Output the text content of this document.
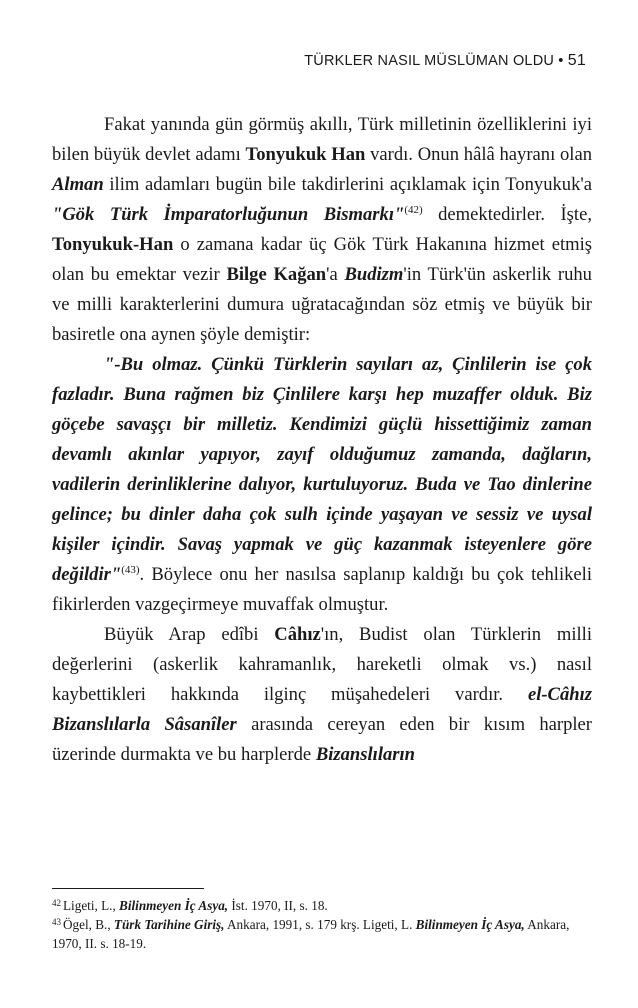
TÜRKLER NASIL MÜSLÜMAN OLDU • 51

Fakat yanında gün görmüş akıllı, Türk milletinin özelliklerini iyi bilen büyük devlet adamı Tonyukuk Han vardı. Onun hâlâ hayranı olan Alman ilim adamları bugün bile takdirlerini açıklamak için Tonyukuk'a "Gök Türk İmparatorluğunun Bismarkı"$^{(42)}$ demektedirler. İşte, Tonyukuk-Han o zamana kadar üç Gök Türk Hakanına hizmet etmiş olan bu emektar vezir Bilge Kağan'a Budizm'in Türk'ün askerlik ruhu ve milli karakterlerini dumura uğratacağından söz etmiş ve büyük bir basiretle ona aynen şöyle demiştir:

"-Bu olmaz. Çünkü Türklerin sayıları az, Çinlilerin ise çok fazladır. Buna rağmen biz Çinlilere karşı hep muzaffer olduk. Biz göçebe savaşçı bir milletiz. Kendimizi güçlü hissettiğimiz zaman devamlı akınlar yapıyor, zayıf olduğumuz zamanda, dağların, vadilerin derinliklerine dalıyor, kurtuluyoruz. Buda ve Tao dinlerine gelince; bu dinler daha çok sulh içinde yaşayan ve sessiz ve uysal kişiler içindir. Savaş yapmak ve güç kazanmak isteyenlere göre değildir"$^{(43)}$. Böylece onu her nasılsa saplanıp kaldığı bu çok tehlikeli fikirlerden vazgeçirmeye muvaffak olmuştur.

Büyük Arap edîbi Câhız'ın, Budist olan Türklerin milli değerlerini (askerlik kahramanlık, hareketli olmak vs.) nasıl kaybettikleri hakkında ilginç müşahedeleri vardır. el-Câhız Bizanslılarla Sâsanîler arasında cereyan eden bir kısım harpler üzerinde durmakta ve bu harplerde Bizanslıların

$^{42}$ Ligeti, L., Bilinmeyen İç Asya, İst. 1970, II, s. 18.

$^{43}$ Ögel, B., Türk Tarihine Giriş, Ankara, 1991, s. 179 krş. Ligeti, L. Bilinmeyen İç Asya, Ankara, 1970, II. s. 18-19.
